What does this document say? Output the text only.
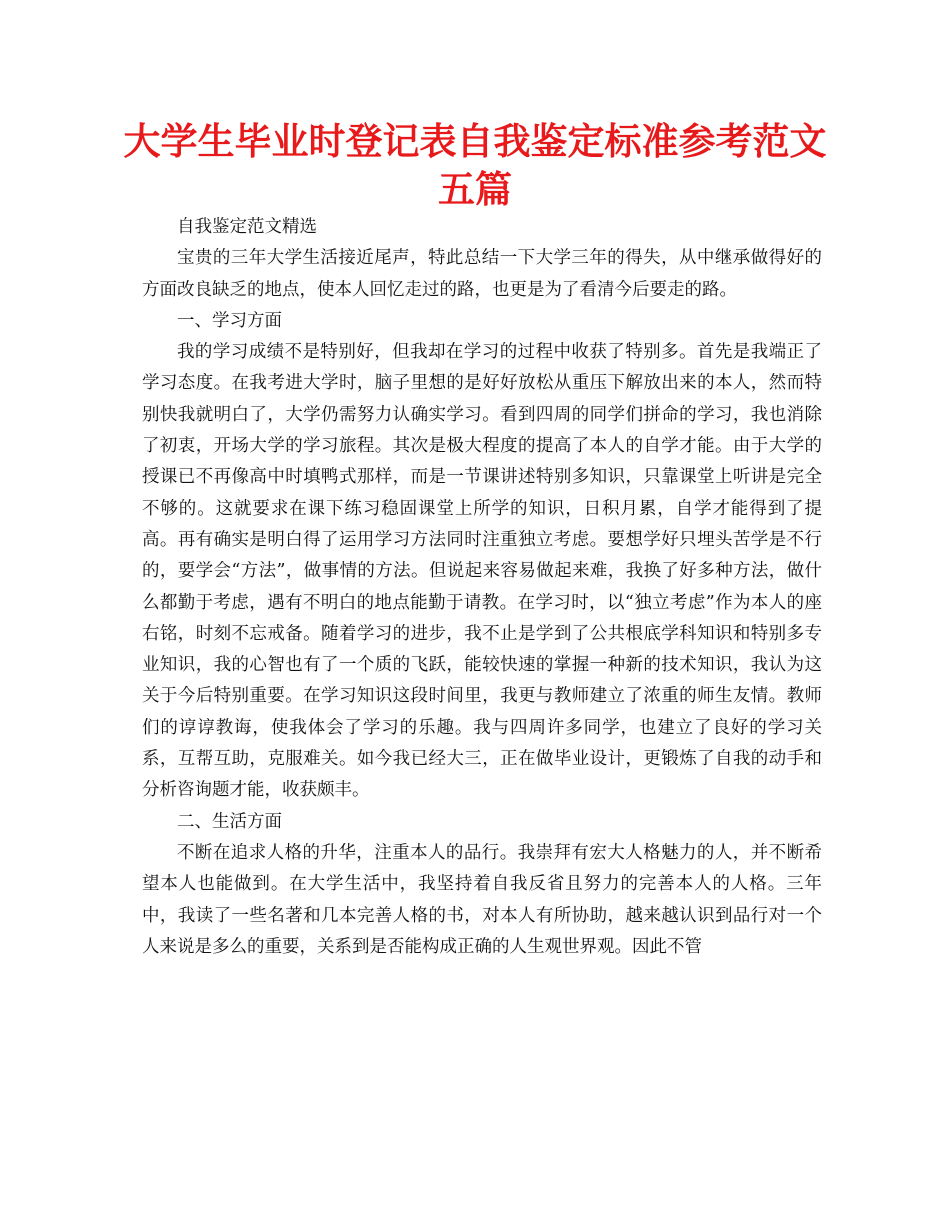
大学生毕业时登记表自我鉴定标准参考范文五篇

自我鉴定范文精选

宝贵的三年大学生活接近尾声，特此总结一下大学三年的得失，从中继承做得好的方面改良缺乏的地点，使本人回忆走过的路，也更是为了看清今后要走的路。

一、学习方面

我的学习成绩不是特别好，但我却在学习的过程中收获了特别多。首先是我端正了学习态度。在我考进大学时，脑子里想的是好好放松从重压下解放出来的本人，然而特别快我就明白了，大学仍需努力认确实学习。看到四周的同学们拼命的学习，我也消除了初衷，开场大学的学习旅程。其次是极大程度的提高了本人的自学才能。由于大学的授课已不再像高中时填鸭式那样，而是一节课讲述特别多知识，只靠课堂上听讲是完全不够的。这就要求在课下练习稳固课堂上所学的知识，日积月累，自学才能得到了提高。再有确实是明白得了运用学习方法同时注重独立考虑。要想学好只埋头苦学是不行的，要学会“方法”，做事情的方法。但说起来容易做起来难，我换了好多种方法，做什么都勤于考虑，遇有不明白的地点能勤于请教。在学习时，以“独立考虑”作为本人的座右铭，时刻不忘戒备。随着学习的进步，我不止是学到了公共根底学科知识和特别多专业知识，我的心智也有了一个质的飞跃，能较快速的掌握一种新的技术知识，我认为这关于今后特别重要。在学习知识这段时间里，我更与教师建立了浓重的师生友情。教师们的谆谆教诲，使我体会了学习的乐趣。我与四周许多同学，也建立了良好的学习关系，互帮互助，克服难关。如今我已经大三，正在做毕业设计，更锻炼了自我的动手和分析咨询题才能，收获颇丰。

二、生活方面

不断在追求人格的升华，注重本人的品行。我崇拜有宏大人格魅力的人，并不断希望本人也能做到。在大学生活中，我坚持着自我反省且努力的完善本人的人格。三年中，我读了一些名著和几本完善人格的书，对本人有所协助，越来越认识到品行对一个人来说是多么的重要，关系到是否能构成正确的人生观世界观。因此不管
